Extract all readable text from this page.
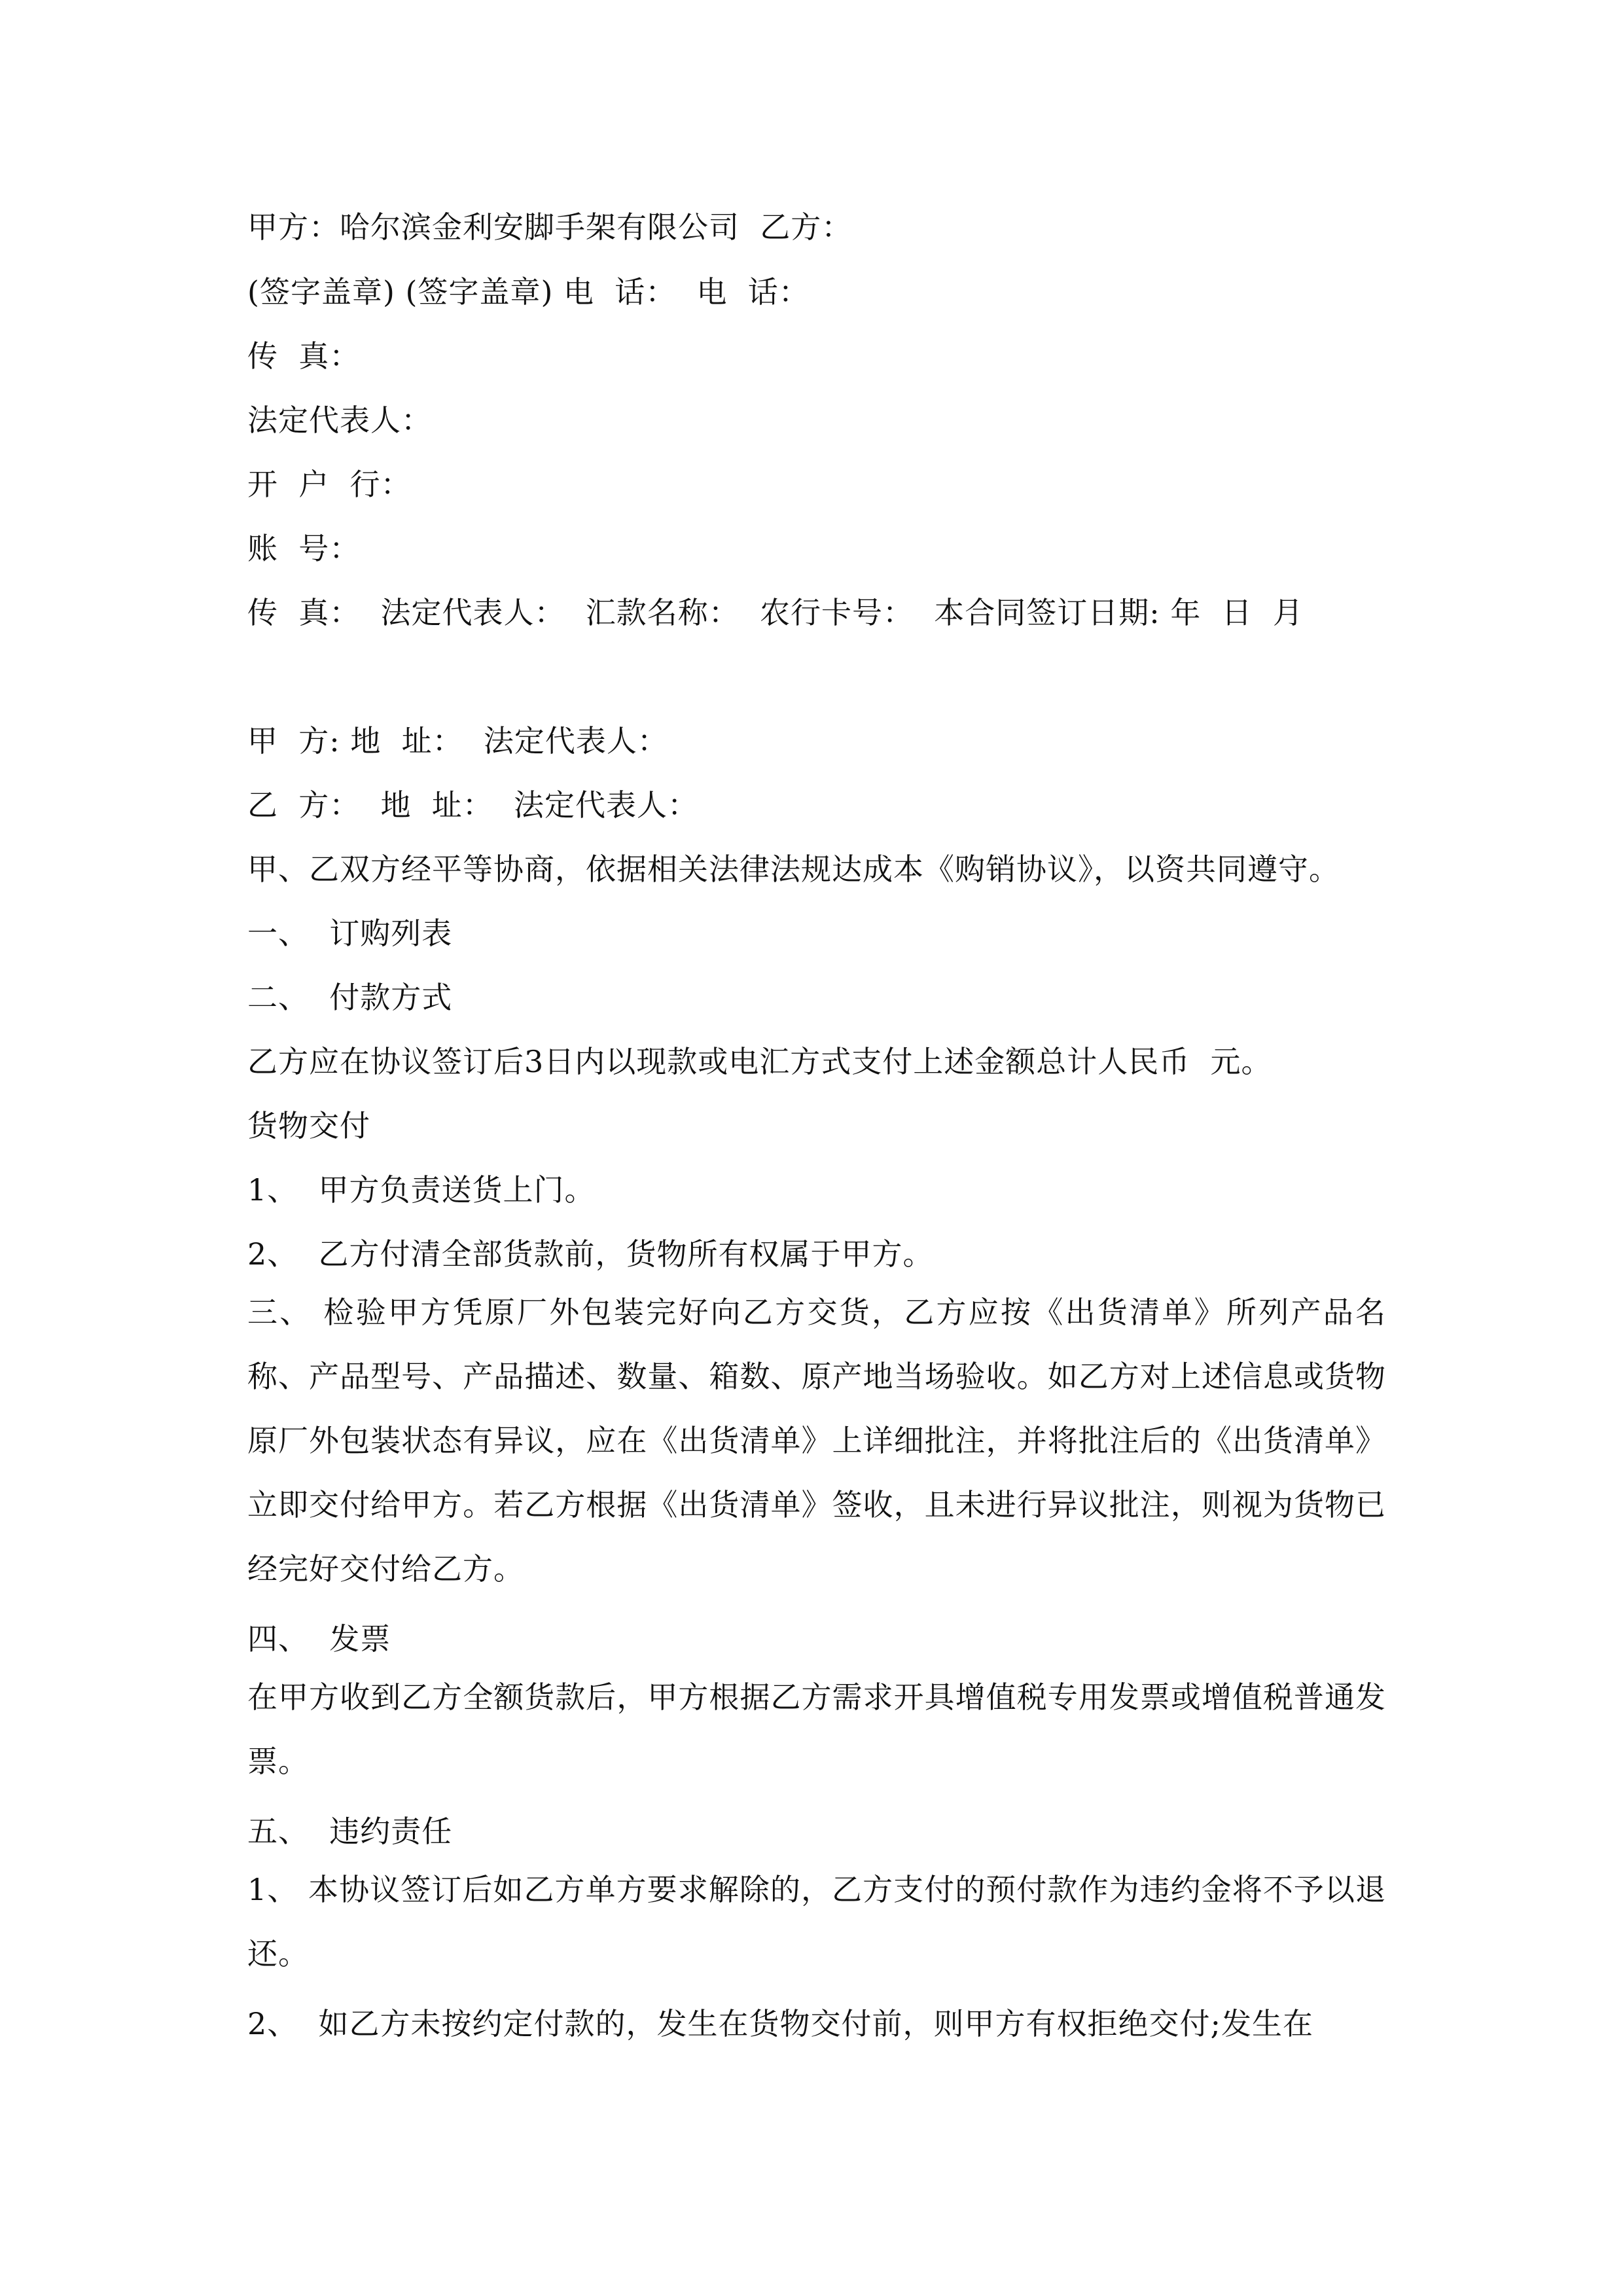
甲方：哈尔滨金利安脚手架有限公司  乙方：
(签字盖章) (签字盖章) 电  话：  电  话：
传  真：
法定代表人：
开  户  行：
账  号：
传  真：  法定代表人：  汇款名称：  农行卡号：  本合同签订日期: 年  日  月
甲  方: 地  址：  法定代表人：
乙  方：  地  址：  法定代表人：
甲、乙双方经平等协商，依据相关法律法规达成本《购销协议》，以资共同遵守。
一、  订购列表
二、  付款方式
乙方应在协议签订后3日内以现款或电汇方式支付上述金额总计人民币  元。
货物交付
1、  甲方负责送货上门。
2、  乙方付清全部货款前，货物所有权属于甲方。
三、 检验甲方凭原厂外包装完好向乙方交货，乙方应按《出货清单》所列产品名称、产品型号、产品描述、数量、箱数、原产地当场验收。如乙方对上述信息或货物原厂外包装状态有异议，应在《出货清单》上详细批注，并将批注后的《出货清单》立即交付给甲方。若乙方根据《出货清单》签收，且未进行异议批注，则视为货物已经完好交付给乙方。
四、  发票
在甲方收到乙方全额货款后，甲方根据乙方需求开具增值税专用发票或增值税普通发票。
五、  违约责任
1、 本协议签订后如乙方单方要求解除的，乙方支付的预付款作为违约金将不予以退还。
2、  如乙方未按约定付款的，发生在货物交付前，则甲方有权拒绝交付;发生在
